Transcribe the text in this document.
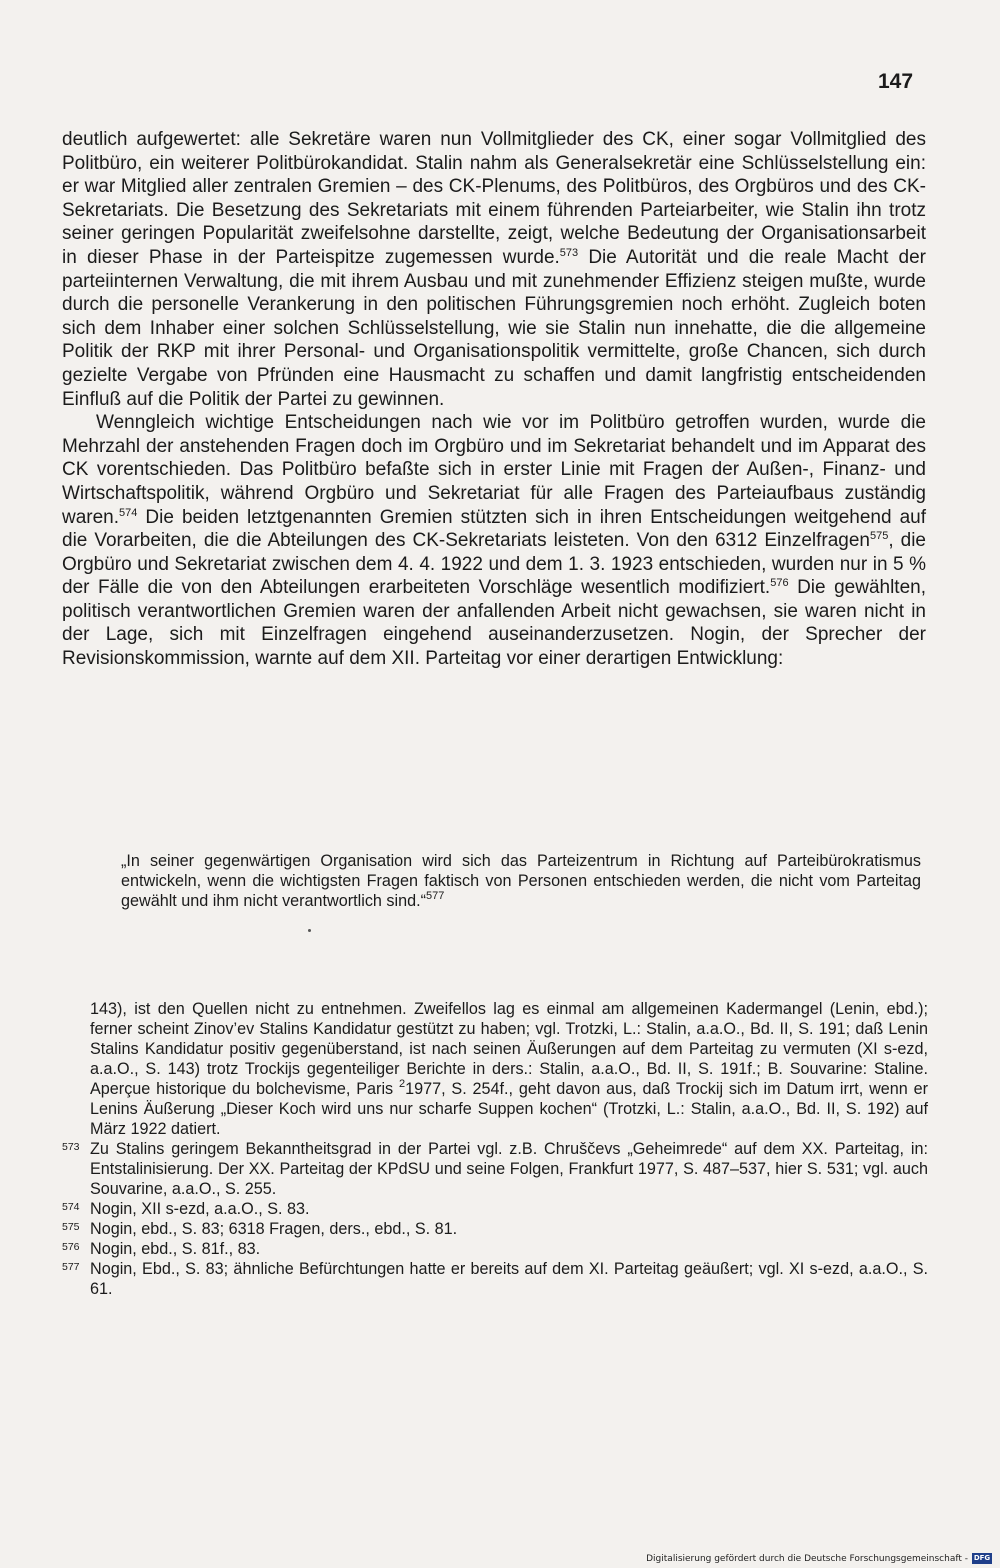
147

deutlich aufgewertet: alle Sekretäre waren nun Vollmitglieder des CK, einer sogar Vollmitglied des Politbüro, ein weiterer Politbürokandidat. Stalin nahm als Generalsekretär eine Schlüsselstellung ein: er war Mitglied aller zentralen Gremien – des CK-Plenums, des Politbüros, des Orgbüros und des CK-Sekretariats. Die Besetzung des Sekretariats mit einem führenden Parteiarbeiter, wie Stalin ihn trotz seiner geringen Popularität zweifelsohne darstellte, zeigt, welche Bedeutung der Organisationsarbeit in dieser Phase in der Parteispitze zugemessen wurde.$^{573}$ Die Autorität und die reale Macht der parteiinternen Verwaltung, die mit ihrem Ausbau und mit zunehmender Effizienz steigen mußte, wurde durch die personelle Verankerung in den politischen Führungsgremien noch erhöht. Zugleich boten sich dem Inhaber einer solchen Schlüsselstellung, wie sie Stalin nun innehatte, die die allgemeine Politik der RKP mit ihrer Personal- und Organisationspolitik vermittelte, große Chancen, sich durch gezielte Vergabe von Pfründen eine Hausmacht zu schaffen und damit langfristig entscheidenden Einfluß auf die Politik der Partei zu gewinnen.

Wenngleich wichtige Entscheidungen nach wie vor im Politbüro getroffen wurden, wurde die Mehrzahl der anstehenden Fragen doch im Orgbüro und im Sekretariat behandelt und im Apparat des CK vorentschieden. Das Politbüro befaßte sich in erster Linie mit Fragen der Außen-, Finanz- und Wirtschaftspolitik, während Orgbüro und Sekretariat für alle Fragen des Parteiaufbaus zuständig waren.$^{574}$ Die beiden letztgenannten Gremien stützten sich in ihren Entscheidungen weitgehend auf die Vorarbeiten, die die Abteilungen des CK-Sekretariats leisteten. Von den 6312 Einzelfragen$^{575}$, die Orgbüro und Sekretariat zwischen dem 4. 4. 1922 und dem 1. 3. 1923 entschieden, wurden nur in 5 % der Fälle die von den Abteilungen erarbeiteten Vorschläge wesentlich modifiziert.$^{576}$ Die gewählten, politisch verantwortlichen Gremien waren der anfallenden Arbeit nicht gewachsen, sie waren nicht in der Lage, sich mit Einzelfragen eingehend auseinanderzusetzen. Nogin, der Sprecher der Revisionskommission, warnte auf dem XII. Parteitag vor einer derartigen Entwicklung:

„In seiner gegenwärtigen Organisation wird sich das Parteizentrum in Richtung auf Parteibürokratismus entwickeln, wenn die wichtigsten Fragen faktisch von Personen entschieden werden, die nicht vom Parteitag gewählt und ihm nicht verantwortlich sind.“$^{577}$
143), ist den Quellen nicht zu entnehmen. Zweifellos lag es einmal am allgemeinen Kadermangel (Lenin, ebd.); ferner scheint Zinov’ev Stalins Kandidatur gestützt zu haben; vgl. Trotzki, L.: Stalin, a.a.O., Bd. II, S. 191; daß Lenin Stalins Kandidatur positiv gegenüberstand, ist nach seinen Äußerungen auf dem Parteitag zu vermuten (XI s-ezd, a.a.O., S. 143) trotz Trockijs gegenteiliger Berichte in ders.: Stalin, a.a.O., Bd. II, S. 191f.; B. Souvarine: Staline. Aperçue historique du bolchevisme, Paris $^2$1977, S. 254f., geht davon aus, daß Trockij sich im Datum irrt, wenn er Lenins Äußerung „Dieser Koch wird uns nur scharfe Suppen kochen“ (Trotzki, L.: Stalin, a.a.O., Bd. II, S. 192) auf März 1922 datiert.
573 Zu Stalins geringem Bekanntheitsgrad in der Partei vgl. z.B. Chruščevs „Geheimrede“ auf dem XX. Parteitag, in: Entstalinisierung. Der XX. Parteitag der KPdSU und seine Folgen, Frankfurt 1977, S. 487–537, hier S. 531; vgl. auch Souvarine, a.a.O., S. 255.
574 Nogin, XII s-ezd, a.a.O., S. 83.
575 Nogin, ebd., S. 83; 6318 Fragen, ders., ebd., S. 81.
576 Nogin, ebd., S. 81f., 83.
577 Nogin, Ebd., S. 83; ähnliche Befürchtungen hatte er bereits auf dem XI. Parteitag geäußert; vgl. XI s-ezd, a.a.O., S. 61.
Digitalisierung gefördert durch die Deutsche Forschungsgemeinschaft - DFG
